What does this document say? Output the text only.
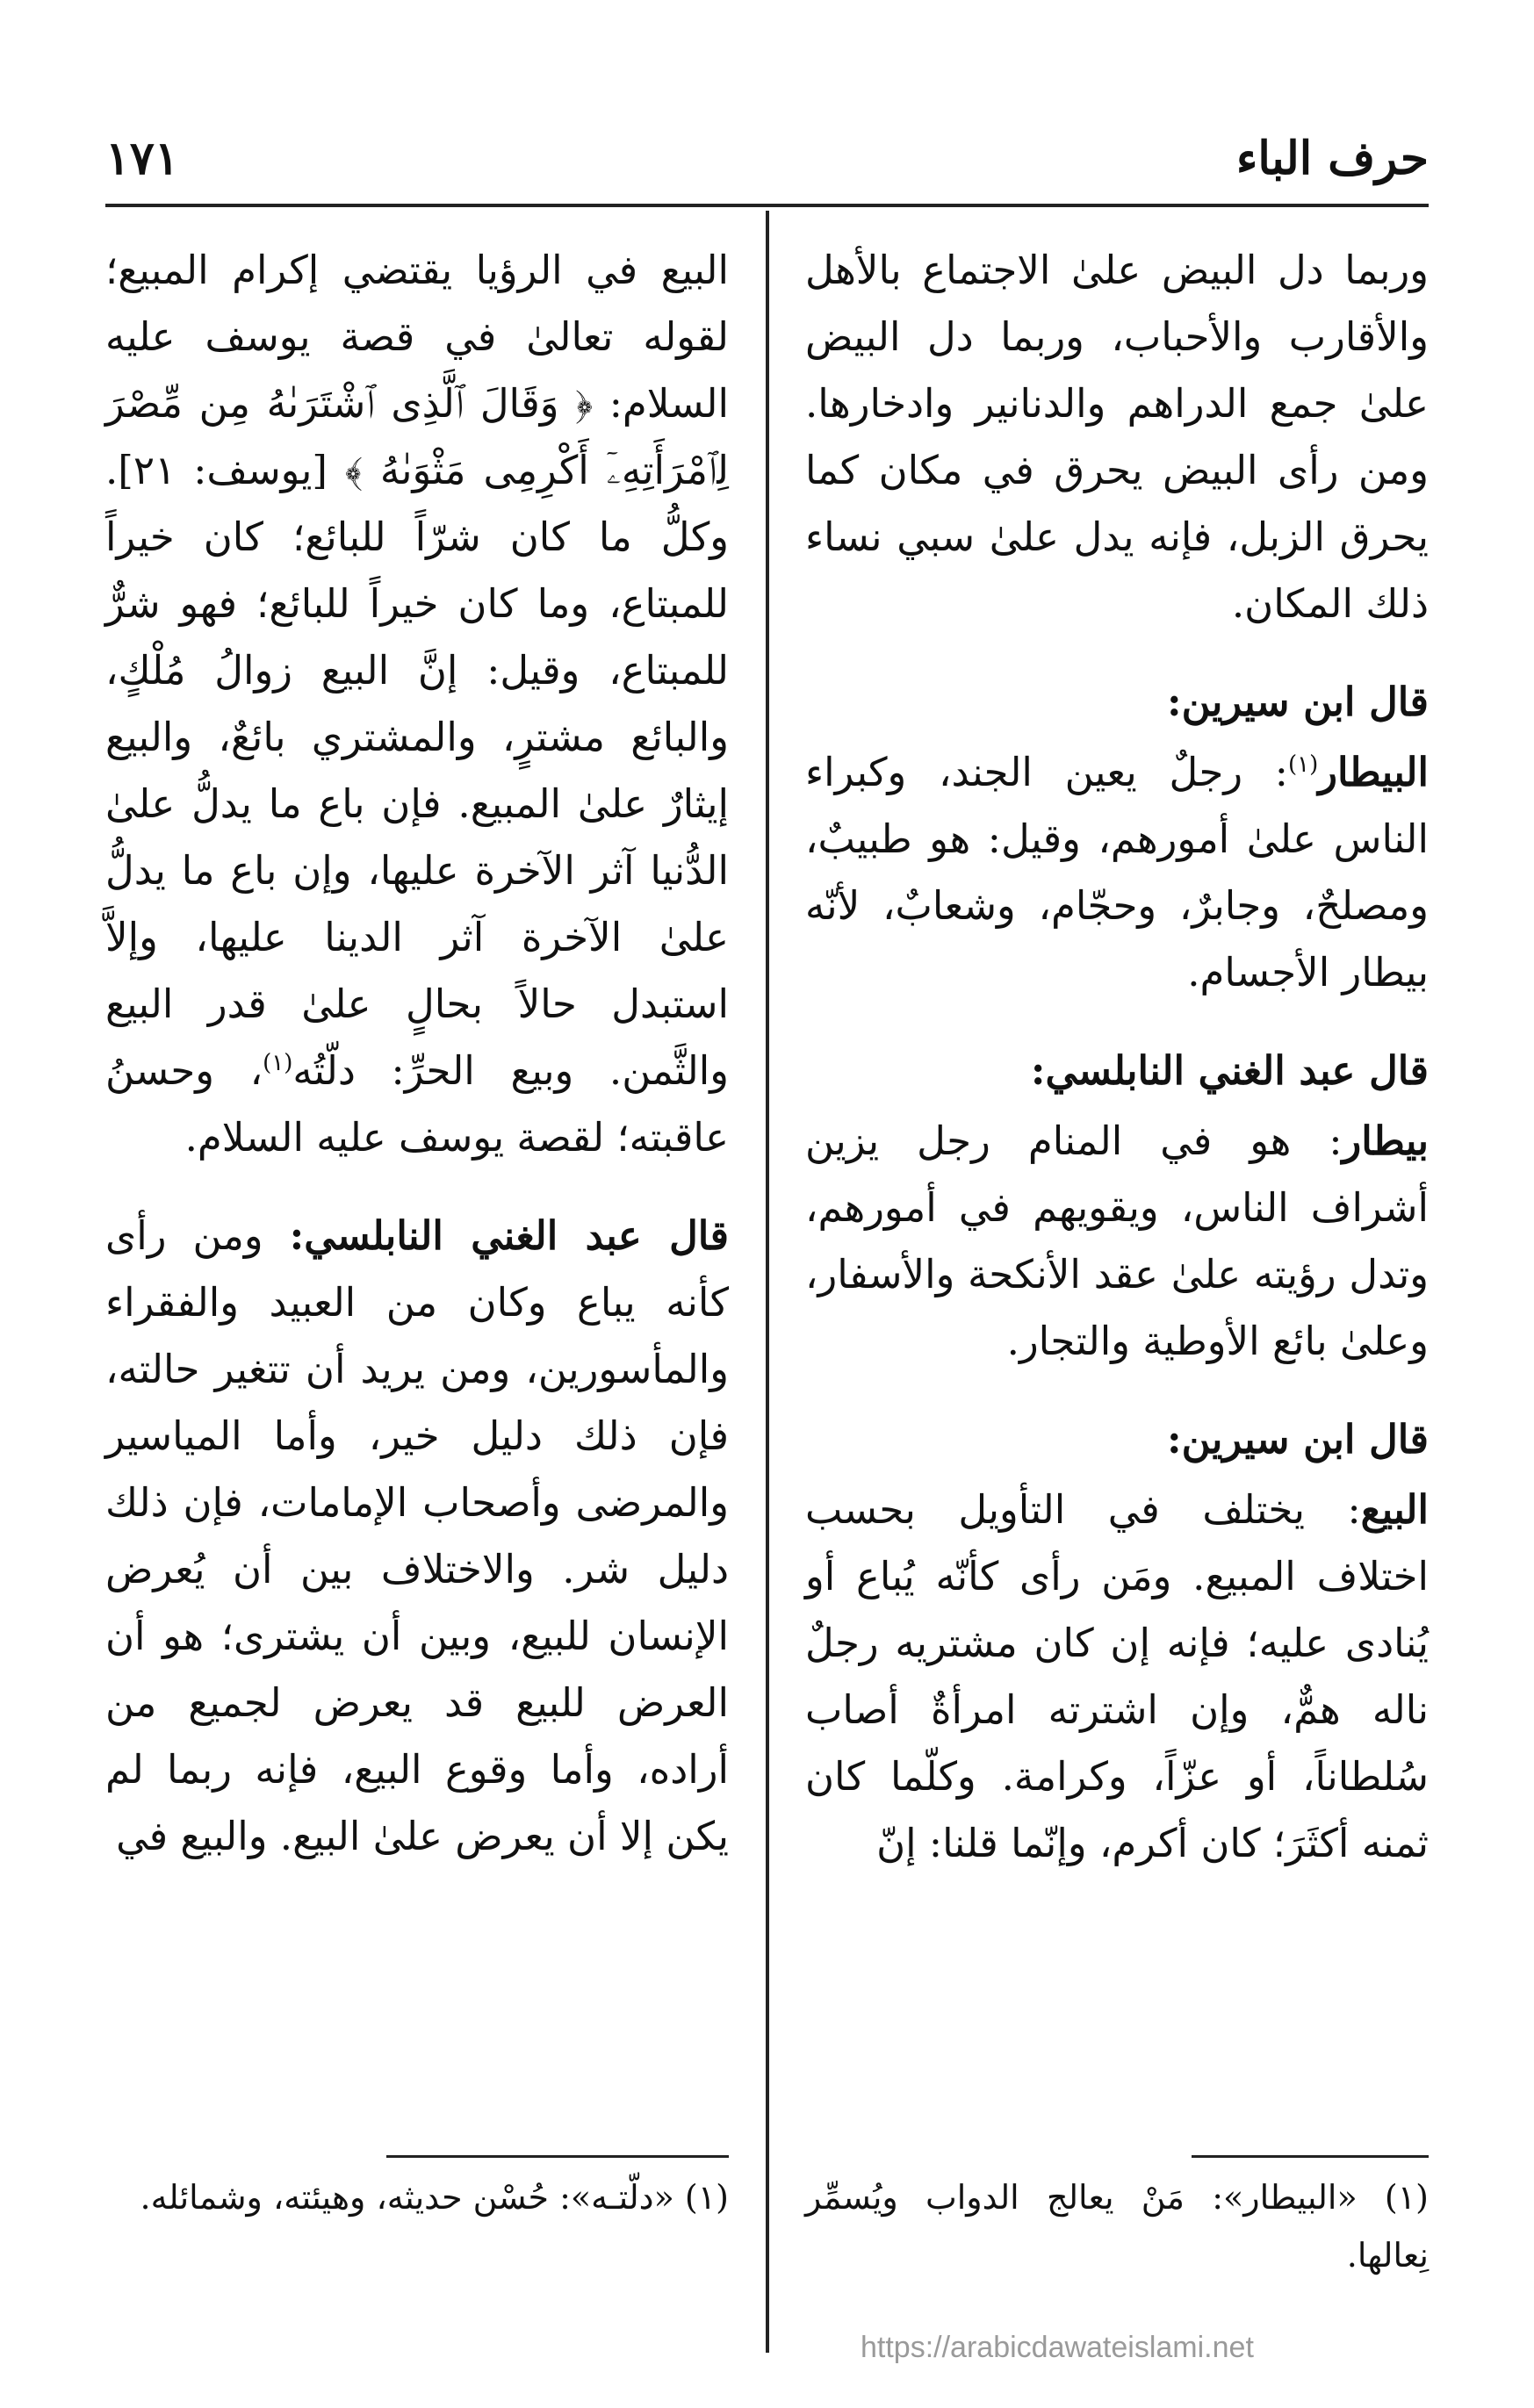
حرف الباء
١٧١

وربما دل البيض علىٰ الاجتماع بالأهل والأقارب والأحباب، وربما دل البيض علىٰ جمع الدراهم والدنانير وادخارها. ومن رأى البيض يحرق في مكان كما يحرق الزبل، فإنه يدل علىٰ سبي نساء ذلك المكان.

قال ابن سيرين:

البيطار$^{(١)}$: رجلٌ يعين الجند، وكبراء الناس علىٰ أمورهم، وقيل: هو طبيبٌ، ومصلحٌ، وجابرٌ، وحجّام، وشعابٌ، لأنّه بيطار الأجسام.

قال عبد الغني النابلسي:

بيطار: هو في المنام رجل يزين أشراف الناس، ويقويهم في أمورهم، وتدل رؤيته علىٰ عقد الأنكحة والأسفار، وعلىٰ بائع الأوطية والتجار.

قال ابن سيرين:

البيع: يختلف في التأويل بحسب اختلاف المبيع. ومَن رأى كأنّه يُباع أو يُنادى عليه؛ فإنه إن كان مشتريه رجلٌ ناله همٌّ، وإن اشترته امرأةٌ أصاب سُلطاناً، أو عزّاً، وكرامة. وكلّما كان ثمنه أكثَرَ؛ كان أكرم، وإنّما قلنا: إنّ

البيع في الرؤيا يقتضي إكرام المبيع؛ لقوله تعالىٰ في قصة يوسف عليه السلام: ﴿ وَقَالَ ٱلَّذِى ٱشْتَرَىٰهُ مِن مِّصْرَ لِٱمْرَأَتِهِۦٓ أَكْرِمِى مَثْوَىٰهُ ﴾ [يوسف: ٢١]. وكلُّ ما كان شرّاً للبائع؛ كان خيراً للمبتاع، وما كان خيراً للبائع؛ فهو شرٌّ للمبتاع، وقيل: إنَّ البيع زوالُ مُلْكٍ، والبائع مشترٍ، والمشتري بائعٌ، والبيع إيثارٌ علىٰ المبيع. فإن باع ما يدلُّ علىٰ الدُّنيا آثر الآخرة عليها، وإن باع ما يدلُّ علىٰ الآخرة آثر الدينا عليها، وإلاَّ استبدل حالاً بحالٍ علىٰ قدر البيع والثَّمن. وبيع الحرِّ: دلّتُه$^{(١)}$، وحسنُ عاقبته؛ لقصة يوسف عليه السلام.

قال عبد الغني النابلسي: ومن رأى كأنه يباع وكان من العبيد والفقراء والمأسورين، ومن يريد أن تتغير حالته، فإن ذلك دليل خير، وأما المياسير والمرضى وأصحاب الإمامات، فإن ذلك دليل شر. والاختلاف بين أن يُعرض الإنسان للبيع، وبين أن يشترى؛ هو أن العرض للبيع قد يعرض لجميع من أراده، وأما وقوع البيع، فإنه ربما لم يكن إلا أن يعرض علىٰ البيع. والبيع في

(١) «البيطار»: مَنْ يعالج الدواب ويُسمِّر نِعالها.
(١) «دلّتـه»: حُسْن حديثه، وهيئته، وشمائله.
https://arabicdawateislami.net
